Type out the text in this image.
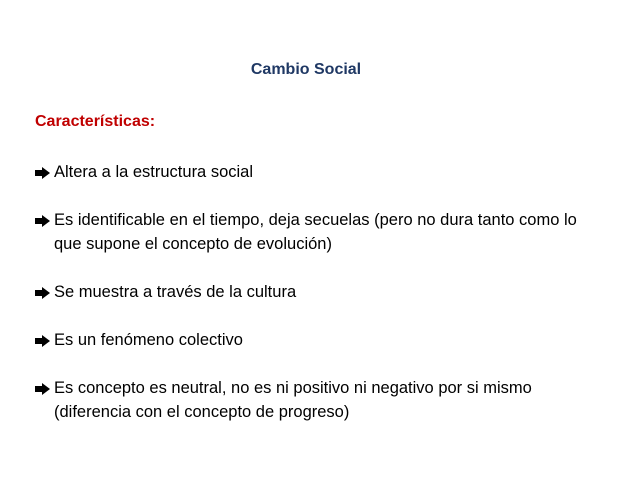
Cambio Social
Características:
Altera a la estructura social
Es identificable en el tiempo, deja secuelas (pero no dura tanto como lo que supone el concepto de evolución)
Se muestra a través de la cultura
Es un fenómeno colectivo
Es concepto es neutral, no es ni positivo ni negativo por si mismo (diferencia con el concepto de progreso)
